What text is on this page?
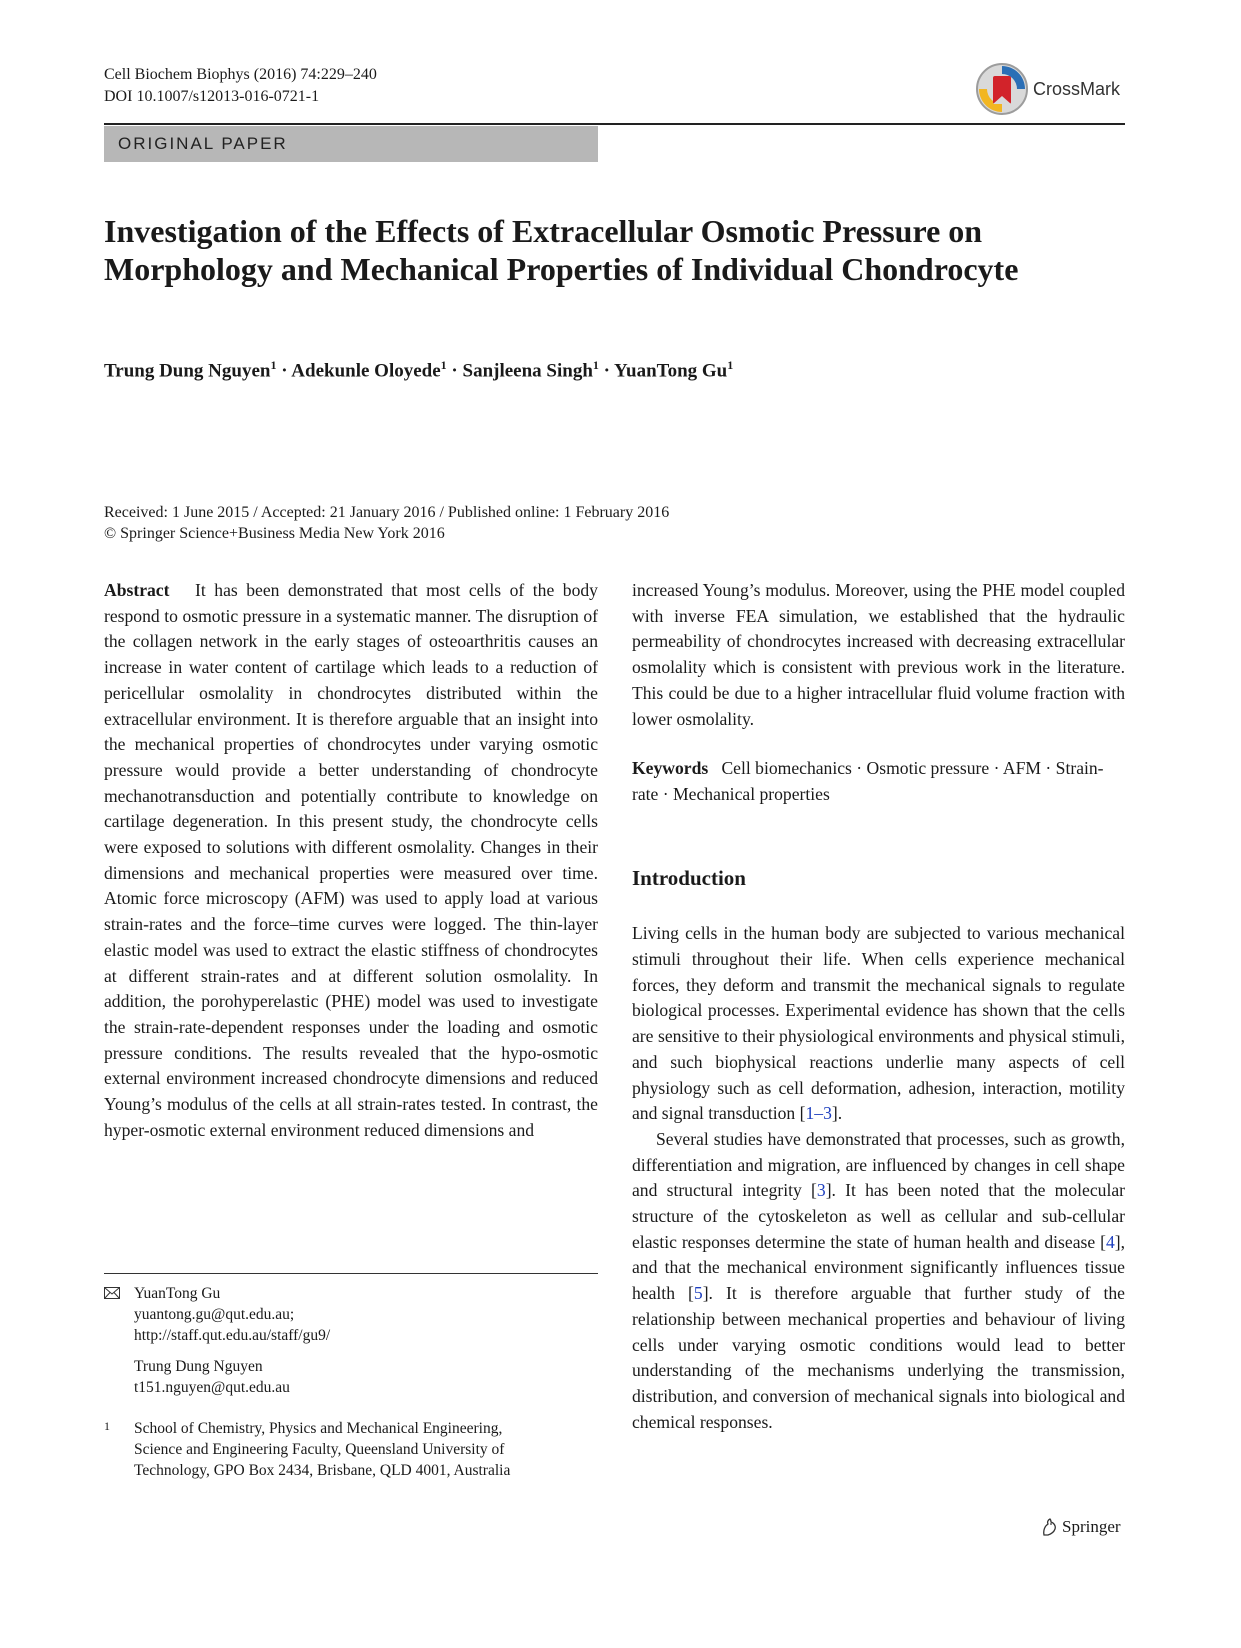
Cell Biochem Biophys (2016) 74:229–240
DOI 10.1007/s12013-016-0721-1	CrossMark
ORIGINAL PAPER
Investigation of the Effects of Extracellular Osmotic Pressure on Morphology and Mechanical Properties of Individual Chondrocyte
Trung Dung Nguyen$^1$ · Adekunle Oloyede$^1$ · Sanjleena Singh$^1$ · YuanTong Gu$^1$
Received: 1 June 2015 / Accepted: 21 January 2016 / Published online: 1 February 2016
© Springer Science+Business Media New York 2016

Abstract It has been demonstrated that most cells of the body respond to osmotic pressure in a systematic manner. The disruption of the collagen network in the early stages of osteoarthritis causes an increase in water content of cartilage which leads to a reduction of pericellular osmolality in chondrocytes distributed within the extracellular environment. It is therefore arguable that an insight into the mechanical properties of chondrocytes under varying osmotic pressure would provide a better understanding of chondrocyte mechanotransduction and potentially contribute to knowledge on cartilage degeneration. In this present study, the chondrocyte cells were exposed to solutions with different osmolality. Changes in their dimensions and mechanical properties were measured over time. Atomic force microscopy (AFM) was used to apply load at various strain-rates and the force–time curves were logged. The thin-layer elastic model was used to extract the elastic stiffness of chondrocytes at different strain-rates and at different solution osmolality. In addition, the porohyperelastic (PHE) model was used to investigate the strain-rate-dependent responses under the loading and osmotic pressure conditions. The results revealed that the hypo-osmotic external environment increased chondrocyte dimensions and reduced Young’s modulus of the cells at all strain-rates tested. In contrast, the hyper-osmotic external environment reduced dimensions and

increased Young’s modulus. Moreover, using the PHE model coupled with inverse FEA simulation, we established that the hydraulic permeability of chondrocytes increased with decreasing extracellular osmolality which is consistent with previous work in the literature. This could be due to a higher intracellular fluid volume fraction with lower osmolality.

Keywords Cell biomechanics · Osmotic pressure · AFM · Strain-rate · Mechanical properties

Introduction

Living cells in the human body are subjected to various mechanical stimuli throughout their life. When cells experience mechanical forces, they deform and transmit the mechanical signals to regulate biological processes. Experimental evidence has shown that the cells are sensitive to their physiological environments and physical stimuli, and such biophysical reactions underlie many aspects of cell physiology such as cell deformation, adhesion, interaction, motility and signal transduction [1–3].

Several studies have demonstrated that processes, such as growth, differentiation and migration, are influenced by changes in cell shape and structural integrity [3]. It has been noted that the molecular structure of the cytoskeleton as well as cellular and sub-cellular elastic responses determine the state of human health and disease [4], and that the mechanical environment significantly influences tissue health [5]. It is therefore arguable that further study of the relationship between mechanical properties and behaviour of living cells under varying osmotic conditions would lead to better understanding of the mechanisms underlying the transmission, distribution, and conversion of mechanical signals into biological and chemical responses.

YuanTong Gu
yuantong.gu@qut.edu.au;
http://staff.qut.edu.au/staff/gu9/
Trung Dung Nguyen
t151.nguyen@qut.edu.au
1 School of Chemistry, Physics and Mechanical Engineering,
Science and Engineering Faculty, Queensland University of
Technology, GPO Box 2434, Brisbane, QLD 4001, Australia
Springer
